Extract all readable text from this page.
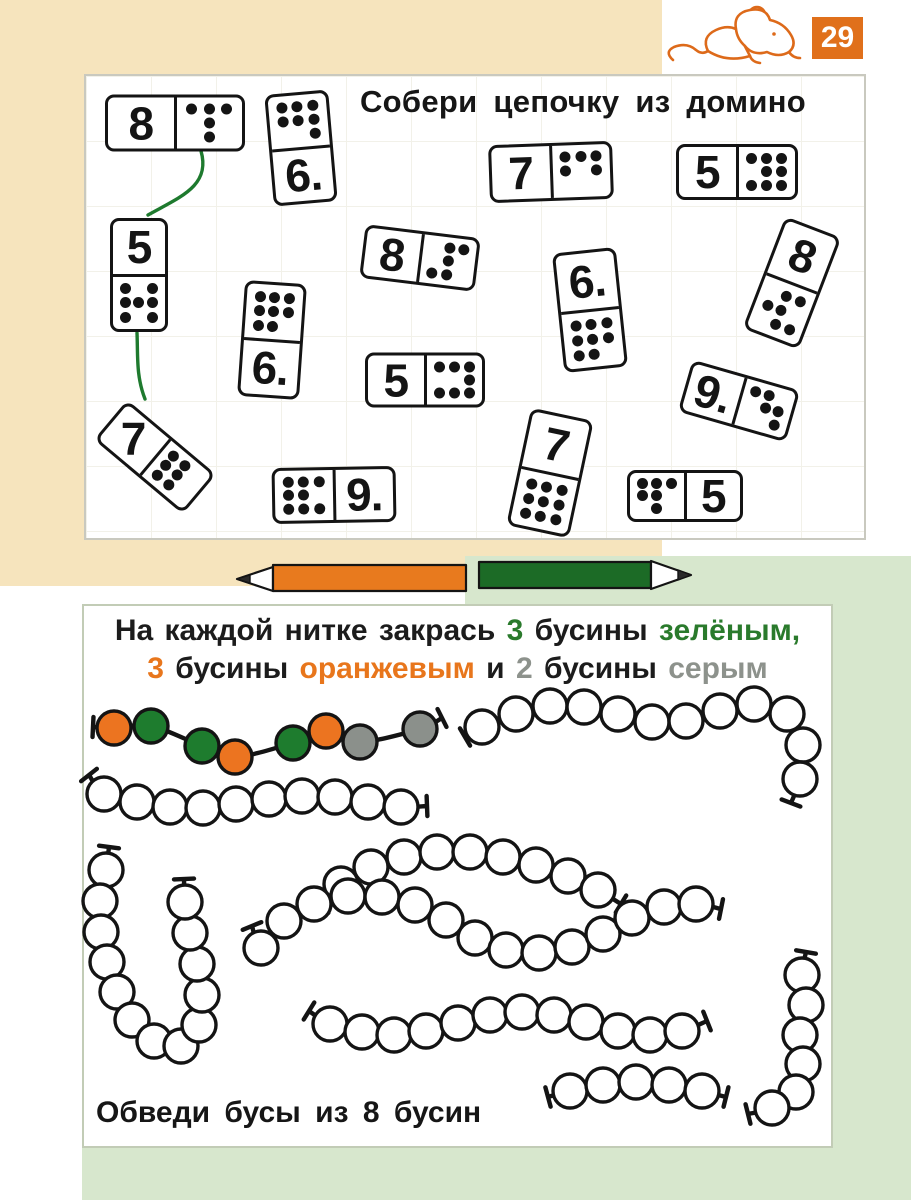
29
Собери цепочку из домино
8
5
7
6.	7	5
8	6.	8
6. 5	9.
7
9.	5
На каждой нитке закрась 3 бусины зелёным,
3 бусины оранжевым и 2 бусины серым
Обведи бусы из 8 бусин
